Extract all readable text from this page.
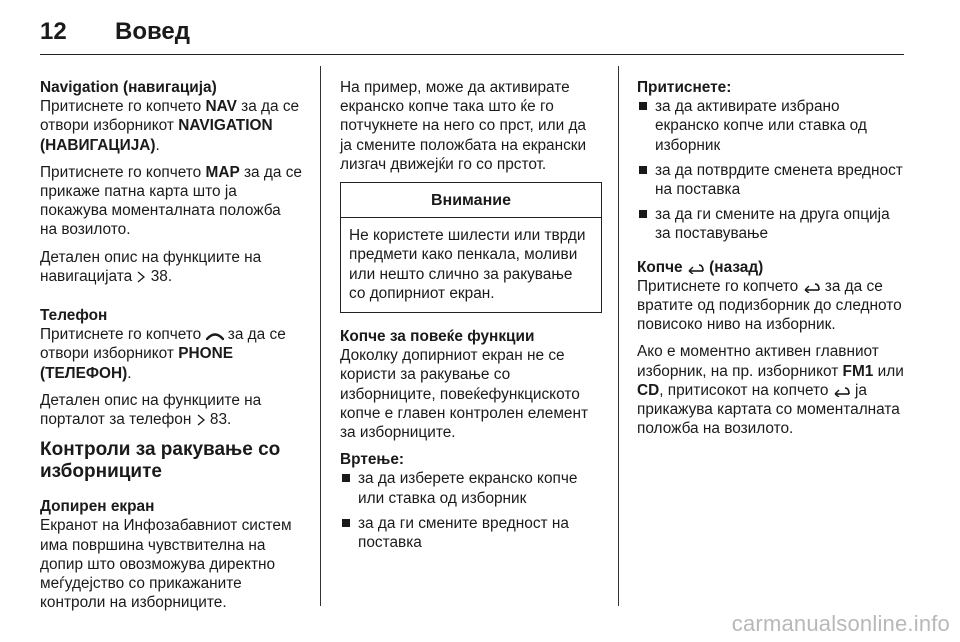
12 Вовед

Navigation (навигација)

Притиснете го копчето NAV за да се отвори изборникот NAVIGATION (НАВИГАЦИЈА).

Притиснете го копчето MAP за да се прикаже патна карта што ја покажува моменталната положба на возилото.

Детален опис на функциите на навигацијата  38.

Телефон

Притиснете го копчето  за да се отвори изборникот PHONE (ТЕЛЕФОН).

Детален опис на функциите на порталот за телефон  83.

Контроли за ракување со изборниците

Допирен екран

Екранот на Инфозабавниот систем има површина чувствителна на допир што овозможува директно меѓудејство со прикажаните контроли на изборниците.

На пример, може да активирате екранско копче така што ќе го потчукнете на него со прст, или да ја смените положбата на екрански лизгач движејќи го со прстот.

Внимание
Не користете шилести или тврди предмети како пенкала, моливи или нешто слично за ракување со допирниот екран.

Копче за повеќе функции

Доколку допирниот екран не се користи за ракување со изборниците, повеќефункциското копче е главен контролен елемент за изборниците.

Вртење:

за да изберете екранско копче или ставка од изборник
за да ги смените вредност на поставка

Притиснете:

за да активирате избрано екранско копче или ставка од изборник
за да потврдите сменета вредност на поставка
за да ги смените на друга опција за поставување

Копче  (назад)

Притиснете го копчето  за да се вратите од подизборник до следното повисоко ниво на изборник.

Ако е моментно активен главниот изборник, на пр. изборникот FM1 или CD, притисокот на копчето  ја прикажува картата со моменталната положба на возилото.

carmanualsonline.info
